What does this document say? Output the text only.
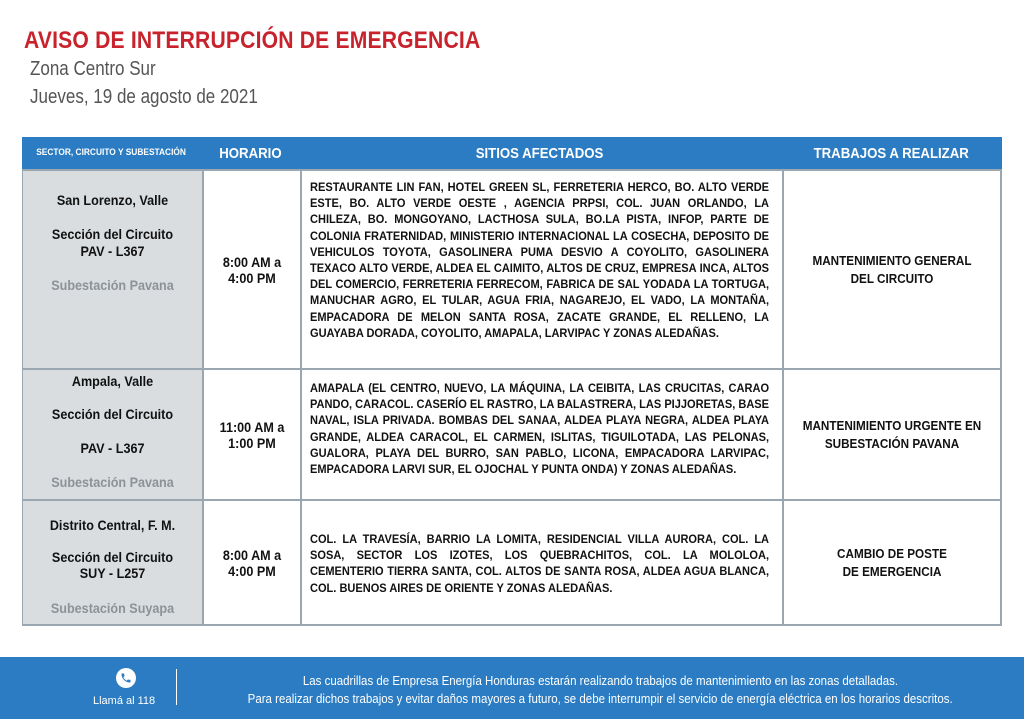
AVISO DE INTERRUPCIÓN DE EMERGENCIA
Zona Centro Sur
Jueves, 19 de agosto de 2021
SECTOR, CIRCUITO Y SUBESTACIÓN HORARIO	SITIOS AFECTADOS	TRABAJOS A REALIZAR
San Lorenzo, Valle
Sección del Circuito
PAV - L367
Subestación Pavana
8:00 AM a 4:00 PM
RESTAURANTE LIN FAN, HOTEL GREEN SL, FERRETERIA HERCO, BO. ALTO VERDE ESTE, BO. ALTO VERDE OESTE , AGENCIA PRPSI, COL. JUAN ORLANDO, LA CHILEZA, BO. MONGOYANO, LACTHOSA SULA, BO.LA PISTA, INFOP, PARTE DE COLONIA FRATERNIDAD, MINISTERIO INTERNACIONAL LA COSECHA, DEPOSITO DE VEHICULOS TOYOTA, GASOLINERA PUMA DESVIO A COYOLITO, GASOLINERA TEXACO ALTO VERDE, ALDEA EL CAIMITO, ALTOS DE CRUZ, EMPRESA INCA, ALTOS DEL COMERCIO, FERRETERIA FERRECOM, FABRICA DE SAL YODADA LA TORTUGA, MANUCHAR AGRO, EL TULAR, AGUA FRIA, NAGAREJO, EL VADO, LA MONTAÑA, EMPACADORA DE MELON SANTA ROSA, ZACATE GRANDE, EL RELLENO, LA GUAYABA DORADA, COYOLITO, AMAPALA, LARVIPAC Y ZONAS ALEDAÑAS.
MANTENIMIENTO GENERAL DEL CIRCUITO
Ampala, Valle
Sección del Circuito
PAV - L367
Subestación Pavana
11:00 AM a 1:00 PM
AMAPALA (EL CENTRO, NUEVO, LA MÁQUINA, LA CEIBITA, LAS CRUCITAS, CARAO PANDO, CARACOL. CASERÍO EL RASTRO, LA BALASTRERA, LAS PIJJORETAS, BASE NAVAL, ISLA PRIVADA. BOMBAS DEL SANAA, ALDEA PLAYA NEGRA, ALDEA PLAYA GRANDE, ALDEA CARACOL, EL CARMEN, ISLITAS, TIGUILOTADA, LAS PELONAS, GUALORA, PLAYA DEL BURRO, SAN PABLO, LICONA, EMPACADORA LARVIPAC, EMPACADORA LARVI SUR, EL OJOCHAL Y PUNTA ONDA) Y ZONAS ALEDAÑAS.
MANTENIMIENTO URGENTE EN SUBESTACIÓN PAVANA
Distrito Central, F. M.
Sección del Circuito
SUY - L257
Subestación Suyapa
8:00 AM a 4:00 PM
COL. LA TRAVESÍA, BARRIO LA LOMITA, RESIDENCIAL VILLA AURORA, COL. LA SOSA, SECTOR LOS IZOTES, LOS QUEBRACHITOS, COL. LA MOLOLOA, CEMENTERIO TIERRA SANTA, COL. ALTOS DE SANTA ROSA, ALDEA AGUA BLANCA, COL. BUENOS AIRES DE ORIENTE Y ZONAS ALEDAÑAS.
CAMBIO DE POSTE DE EMERGENCIA
Llamá al 118
Las cuadrillas de Empresa Energía Honduras estarán realizando trabajos de mantenimiento en las zonas detalladas.
Para realizar dichos trabajos y evitar daños mayores a futuro, se debe interrumpir el servicio de energía eléctrica en los horarios descritos.
